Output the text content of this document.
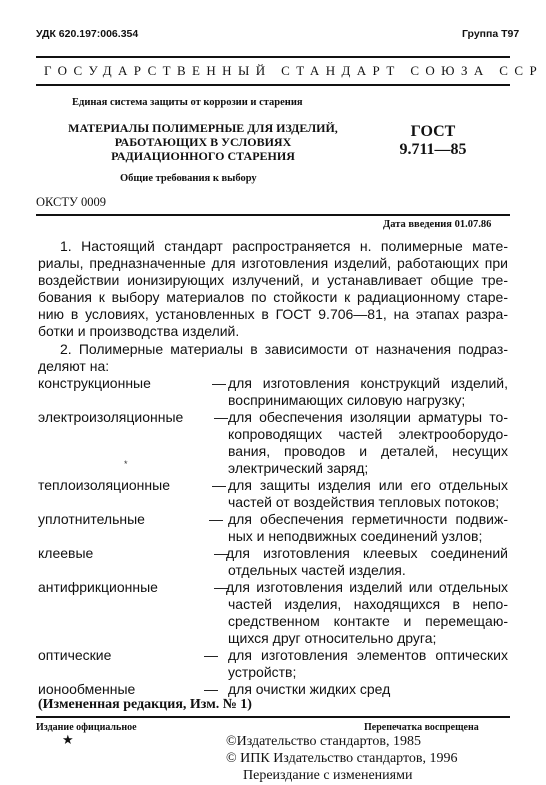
УДК 620.197:006.354	Группа Т97
ГОСУДАРСТВЕННЫЙ СТАНДАРТ СОЮЗА ССР
Единая система защиты от коррозии и старения
МАТЕРИАЛЫ ПОЛИМЕРНЫЕ ДЛЯ ИЗДЕЛИЙ,
РАБОТАЮЩИХ В УСЛОВИЯХ
РАДИАЦИОННОГО СТАРЕНИЯ
Общие требования к выбору
ГОСТ
9.711—85
ОКСТУ 0009
Дата введения 01.07.86
1. Настоящий стандарт распространяется н. полимерные мате-
риалы, предназначенные для изготовления изделий, работающих при
воздействии ионизирующих излучений, и устанавливает общие тре-
бования к выбору материалов по стойкости к радиационному старе-
нию в условиях, установленных в ГОСТ 9.706—81, на этапах разра-
ботки и производства изделий.
2. Полимерные материалы в зависимости от назначения подраз-
деляют на:
конструкционные	— для изготовления конструкций изделий,
воспринимающих силовую нагрузку;
электроизоляционные — для обеспечения изоляции арматуры то-
копроводящих частей электрооборудо-
вания, проводов и деталей, несущих
электрический заряд;
*
теплоизоляционные	— для защиты изделия или его отдельных
частей от воздействия тепловых потоков;
уплотнительные	— для обеспечения герметичности подвиж-
ных и неподвижных соединений узлов;
клеевые	—
для изготовления клеевых соединений
отдельных частей изделия.
антифрикционные	—
для изготовления изделий или отдельных
частей изделия, находящихся в непо-
средственном контакте и перемещаю-
щихся друг относительно друга;
оптические	— для изготовления элементов оптических
устройств;
ионообменные	— для очистки жидких сред
(Измененная редакция, Изм. № 1)
Издание официальное
★
Перепечатка воспрещена
©Издательство стандартов, 1985
© ИПК Издательство стандартов, 1996
Переиздание с изменениями
